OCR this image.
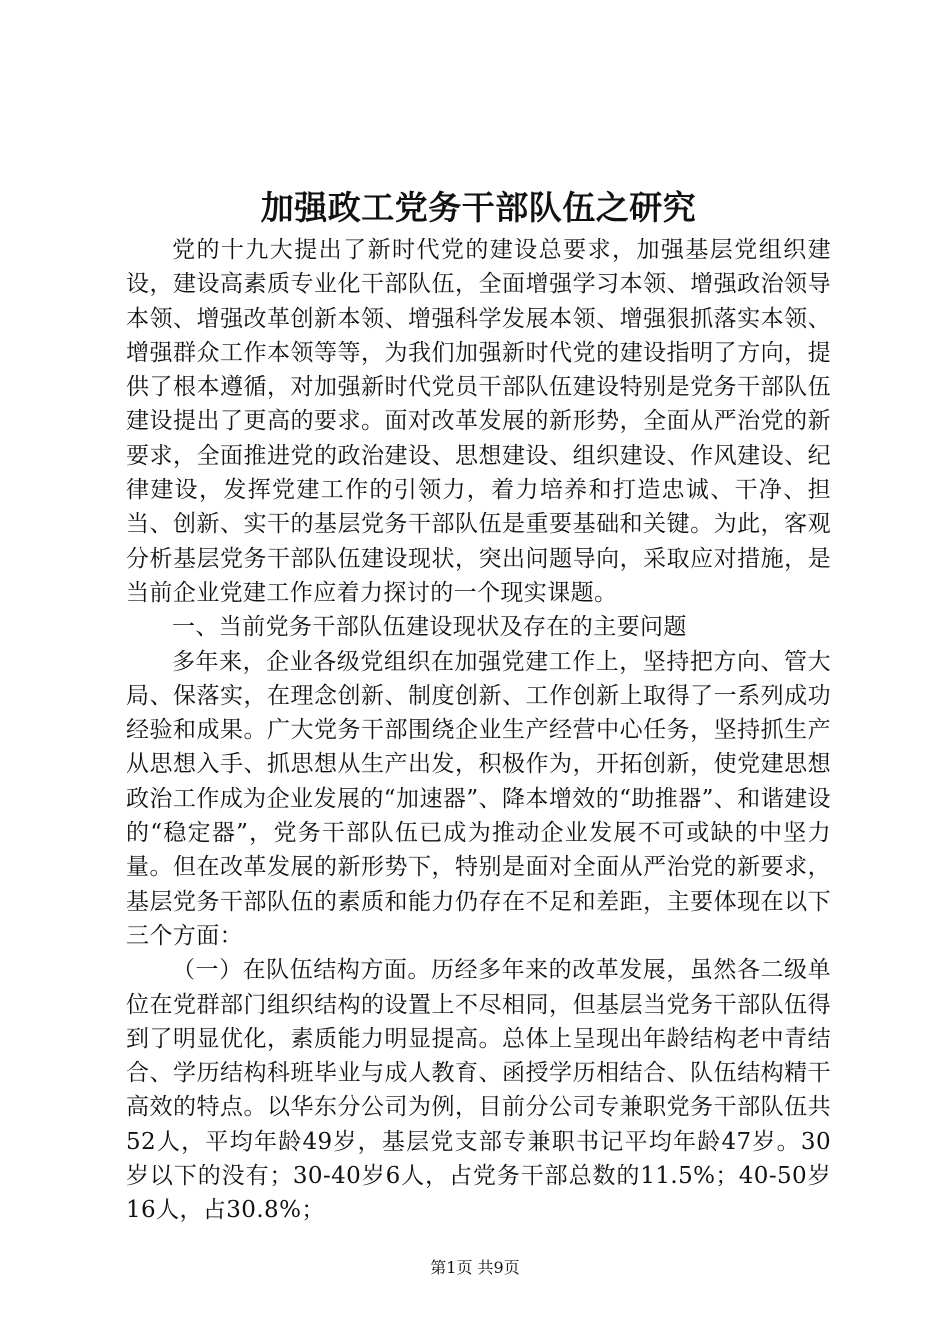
加强政工党务干部队伍之研究

党的十九大提出了新时代党的建设总要求，加强基层党组织建设，建设高素质专业化干部队伍，全面增强学习本领、增强政治领导本领、增强改革创新本领、增强科学发展本领、增强狠抓落实本领、增强群众工作本领等等，为我们加强新时代党的建设指明了方向，提供了根本遵循，对加强新时代党员干部队伍建设特别是党务干部队伍建设提出了更高的要求。面对改革发展的新形势，全面从严治党的新要求，全面推进党的政治建设、思想建设、组织建设、作风建设、纪律建设，发挥党建工作的引领力，着力培养和打造忠诚、干净、担当、创新、实干的基层党务干部队伍是重要基础和关键。为此，客观分析基层党务干部队伍建设现状，突出问题导向，采取应对措施，是当前企业党建工作应着力探讨的一个现实课题。

一、当前党务干部队伍建设现状及存在的主要问题

多年来，企业各级党组织在加强党建工作上，坚持把方向、管大局、保落实，在理念创新、制度创新、工作创新上取得了一系列成功经验和成果。广大党务干部围绕企业生产经营中心任务，坚持抓生产从思想入手、抓思想从生产出发，积极作为，开拓创新，使党建思想政治工作成为企业发展的“加速器”、降本增效的“助推器”、和谐建设的“稳定器”，党务干部队伍已成为推动企业发展不可或缺的中坚力量。但在改革发展的新形势下，特别是面对全面从严治党的新要求，基层党务干部队伍的素质和能力仍存在不足和差距，主要体现在以下三个方面：

（一）在队伍结构方面。历经多年来的改革发展，虽然各二级单位在党群部门组织结构的设置上不尽相同，但基层当党务干部队伍得到了明显优化，素质能力明显提高。总体上呈现出年龄结构老中青结合、学历结构科班毕业与成人教育、函授学历相结合、队伍结构精干高效的特点。以华东分公司为例，目前分公司专兼职党务干部队伍共52人，平均年龄49岁，基层党支部专兼职书记平均年龄47岁。30岁以下的没有；30-40岁6人，占党务干部总数的11.5%；40-50岁16人，占30.8%；

第1页 共9页
